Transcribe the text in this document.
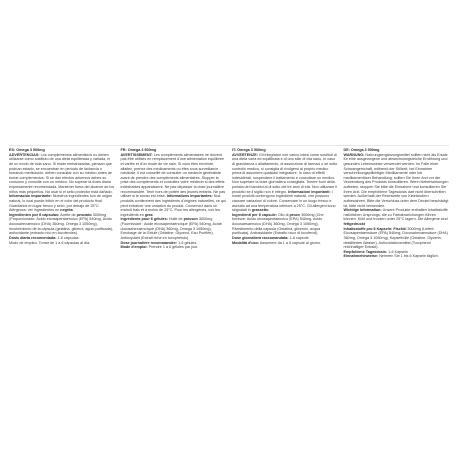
ES: Omega 3 500mg
ADVERTENCIAS: Los complementos alimenticios no deben utilizarse como sustituto de una dieta equilibrada y variada, ni de un modo de vida sano. Si están embarazadas, piensan que podrían estarlo, se encuentran en período de lactancia o tomando medicación, deben consultar con su médico antes de tomar complementos. Si se dan efectos adversos debes su consumo y consulte con un médico. No superar la dosis diaria expresamente recomendada. Mantener fuera del alcance de los niños más pequeños. No usar si el sello protector está dañado. Información importante: Nuestros ingredientes son de origen natural, lo cual puede influir en el color del producto final. Guardarlos en lugar fresco y seco, por debajo de 25°C. Alérgenos: ver ingredientes en negrita
Ingredientes por 6 cápsulas: Aceite de pescado 3000mg (Proporcionado: Ácido eicosapentaenoico (EPA) 540mg, Ácido docosahexaenoico (DHA) 360mg, Omega 3 1050mg), recubrimiento de la cápsula (gelatina, glicerol, agua purificada), antioxidante (extracto rico en tocoferoles).
Dosis diaria recomendada: 1-6 cápsulas.
Modo de empleo: Tomar de 1 a 6 cápsulas al día.

FR: Omega 3 500mg
AVERTISSEMENT: Les compléments alimentaires ne doivent pas être utilisés en remplacement d'une alimentation équilibrée et variée et d'un mode de vie sain. Si vous êtes enceinte, allaitez, prenez des médicaments ou êtes sous surveillance médicale, il est conseillé de consulter un médecin généraliste avant de prendre des compléments alimentaires. Stopper la prise des compléments et consultez votre médecin si des effets indésirables apparaissent. Ne pas dépasser la dose journalière recommandée. Tenir hors de portée des jeunes enfants. Ne pas utiliser si le sceau est brisé. Informations Importantes: Nos produits contiennent des ingrédients d'origines naturelles, ce qui peut entraîner une variation du produit. Conservez dans un endroit frais et à moins de 25°C. Pour les allergènes, voir les ingrédients en gras
Ingrédients pour 6 gélules: Huile de poisson 3000mg (Fournissant : Acide eicosapentaénoïque (EPA) 540mg, Acide docosahexaénoïque (DHA) 360mg, Omega 3 1050mg), Enrobage de la Gélule (Gélatine, Glycérol, Eau Purifiée), Antioxydant (Extrait riche en tocophérols).
Dose journalière recommandée: 1-6 gélules.
Mode d'emploi: Prendre 1 à 6 gélules par jour.

IT: Omega 3 500mg
AVVERTENZE: Gli integratori non vanno intesi come sostituti di una dieta varia ed equilibrata e di uno stile di vita sano. In caso di gravidanza o allattamento, di assunzione di farmaci o se sotto controllo medico, si consiglia di rivolgersi al proprio medico prima di assumere qualsiasi integratore. In caso di effetti indesiderati, sospendere il trattamento e consultare un medico. Non superare la dose giornaliera consigliata. Tenere fuori della portata dei bambini al di sotto dei tre anni di età. Non utilizzare il prodotto se il sigillo non è integro. Informazioni importanti: I nostri prodotti contengono ingredienti naturali, che possono causare variazioni di colore. Conservare in un luogo fresco e asciutto ad una temperatura inferiore a 25°C. Gli allergeni sono segnalati in grassetto
Ingredienti per 6 capsule: Olio di pesce 3000mg (Che fornisce: Acido eicosapentaenoico (EPA) 540mg, Acido docosaesaenoico (DHA) 360mg, Omega 3 1050mg), Rivestimento della capsula (Gelatina, glicerolo, acqua purificata), Antiossidante (Estratto ricco di tocoferoli).
Dose giornaliera raccomandata: 1-6 capsule.
Modalità d'uso: Assumere da 1 a 6 capsule al giorno.

DE: Omega 3 500mg
WARNUNG: Nahrungsergänzungsmittel sollten nicht als Ersatz für eine ausgewogene und abwechslungsreiche Ernährung und gesunden Lebensweise verwendet werden. Im Falle einer Schwangerschaft, während der Stillzeit, bei Einnahme verschreibungspflichtiger Medikamente oder bei medikamentöser Behandlung, sollten Sie Ihren Arzt vor der Verwendung des Produkts konsultieren. Wenn Nebenwirkungen auftreten, stoppen Sie bitte die Einnahme und konsultieren Sie Ihren Arzt. Die empfohlene Tagesdosis darf nicht überschritten werden. Außerhalb der Reichweite von Kleinkindern aufbewahren. Bitte die Verschluss unter dem Deckel beschädigt ist, bitte nicht verwenden.
Wichtige Information: Unsere Produkte enthalten Inhaltsstoffe natürlichen Ursprungs, die zu Farbabweichungen führen können. Kühl und trocken unter 25°C lagern. Die Allergene sind fettgedruckt
Inhaltsstoffe pro 6 Kapseln: Fischöl 3000mg (Liefert: Eicosapentaensäure (EPA) 540mg, Docosahexaensäure (DHA) 360mg, Omega 3 1050mg), Kapselhülle (Gelatine, Glycerin, destilliertes Wasser), Antioxidationsmittel (Tocopherol reichhaltiger Extrakt).
Empfohlene Tagesdosis: 1-6 Kapseln
Einnahmehinweise: Nehmen Sie 1 bis 6 Kapseln täglich.
